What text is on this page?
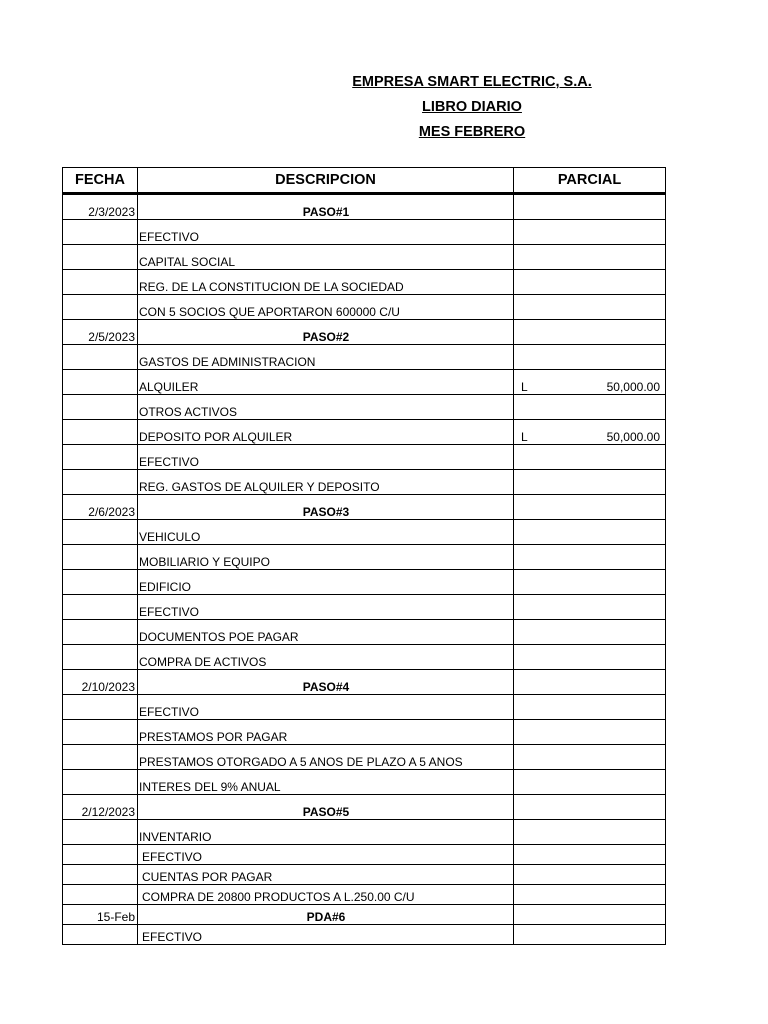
EMPRESA SMART ELECTRIC, S.A.
LIBRO DIARIO
MES FEBRERO
FECHA	DESCRIPCION	PARCIAL
2/3/2023	PASO#1	

	EFECTIVO	

	CAPITAL SOCIAL	

	REG. DE LA CONSTITUCION DE LA SOCIEDAD	

	CON 5 SOCIOS QUE APORTARON 600000 C/U	

2/5/2023	PASO#2	

	GASTOS DE ADMINISTRACION	

	ALQUILER	L 50,000.00

	OTROS ACTIVOS	

	DEPOSITO POR ALQUILER	L 50,000.00

	EFECTIVO	

	REG. GASTOS DE ALQUILER Y DEPOSITO	

2/6/2023	PASO#3	

	VEHICULO	

	MOBILIARIO Y EQUIPO	

	EDIFICIO	

	EFECTIVO	

	DOCUMENTOS POE PAGAR	

	COMPRA DE ACTIVOS	

2/10/2023	PASO#4	

	EFECTIVO	

	PRESTAMOS POR PAGAR	

	PRESTAMOS OTORGADO A 5 ANOS DE PLAZO A 5 ANOS	

	INTERES DEL 9% ANUAL	

2/12/2023	PASO#5	

	INVENTARIO	

	EFECTIVO	

	CUENTAS POR PAGAR	

	COMPRA DE 20800 PRODUCTOS A L.250.00 C/U	

15-Feb	PDA#6	

	EFECTIVO	
